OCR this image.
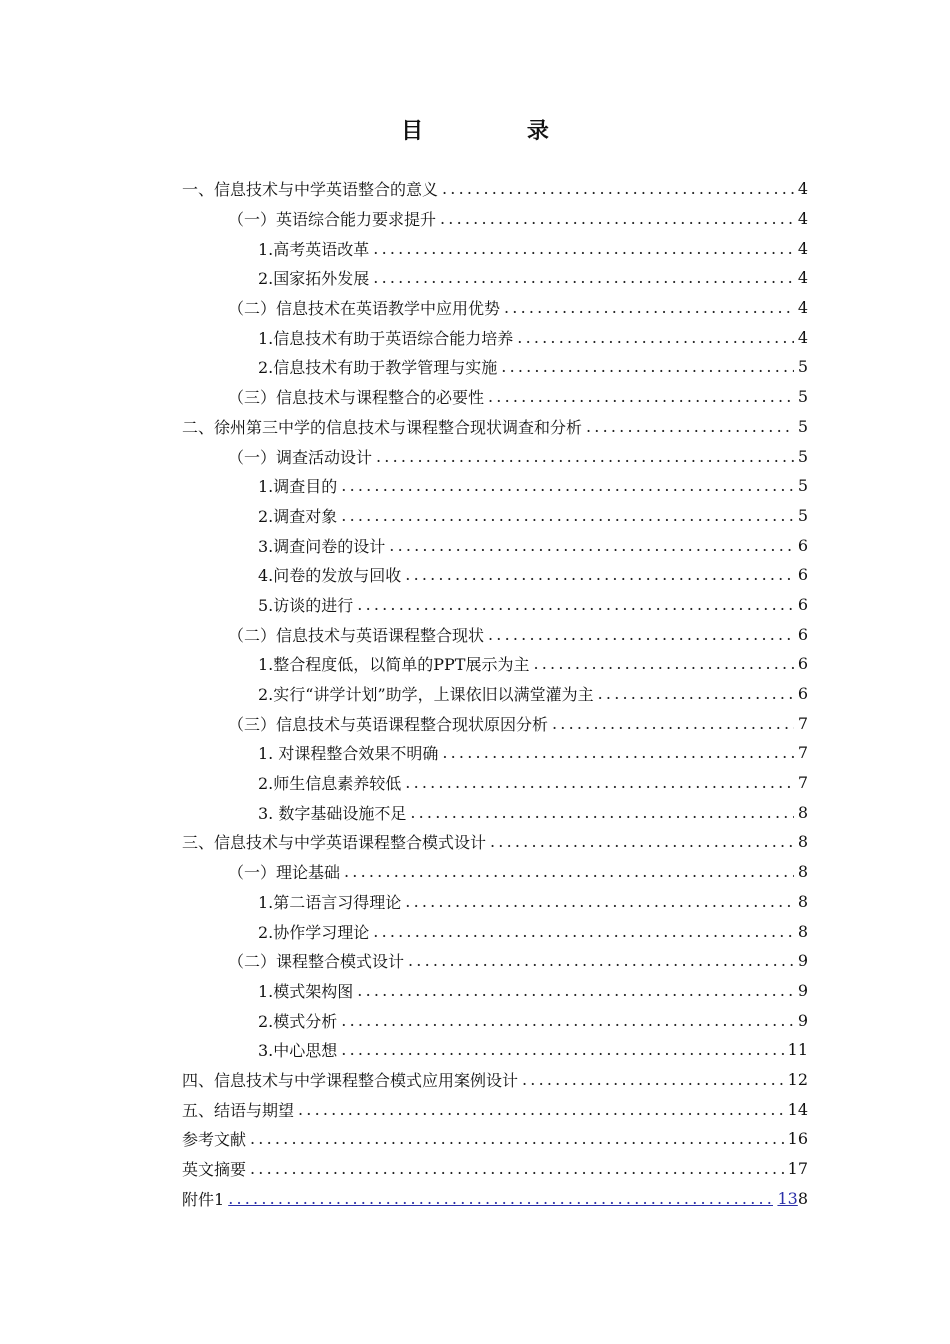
目 录
一、信息技术与中学英语整合的意义 .....	4
（一）英语综合能力要求提升 .....	4
1.高考英语改革 .....	4
2.国家拓外发展 .....	4
（二）信息技术在英语教学中应用优势 .....	4
1.信息技术有助于英语综合能力培养 .....	4
2.信息技术有助于教学管理与实施 .....	5
（三）信息技术与课程整合的必要性 .....	5
二、徐州第三中学的信息技术与课程整合现状调查和分析 .....	5
（一）调查活动设计 .....	5
1.调查目的 .....	5
2.调查对象 .....	5
3.调查问卷的设计 .....	6
4.问卷的发放与回收 .....	6
5.访谈的进行 .....	6
（二）信息技术与英语课程整合现状 .....	6
1.整合程度低，以简单的PPT展示为主 .....	6
2.实行“讲学计划”助学，上课依旧以满堂灌为主 .....	6
（三）信息技术与英语课程整合现状原因分析 .....	7
1. 对课程整合效果不明确 .....	7
2.师生信息素养较低 .....	7
3. 数字基础设施不足 .....	8
三、信息技术与中学英语课程整合模式设计 .....	8
（一）理论基础 .....	8
1.第二语言习得理论 .....	8
2.协作学习理论 .....	8
（二）课程整合模式设计 .....	9
1.模式架构图 .....	9
2.模式分析 .....	9
3.中心思想 .....	11
四、信息技术与中学课程整合模式应用案例设计 .....	12
五、结语与期望 .....	14
参考文献 .....	16
英文摘要 .....	17
附件1 .....	138
